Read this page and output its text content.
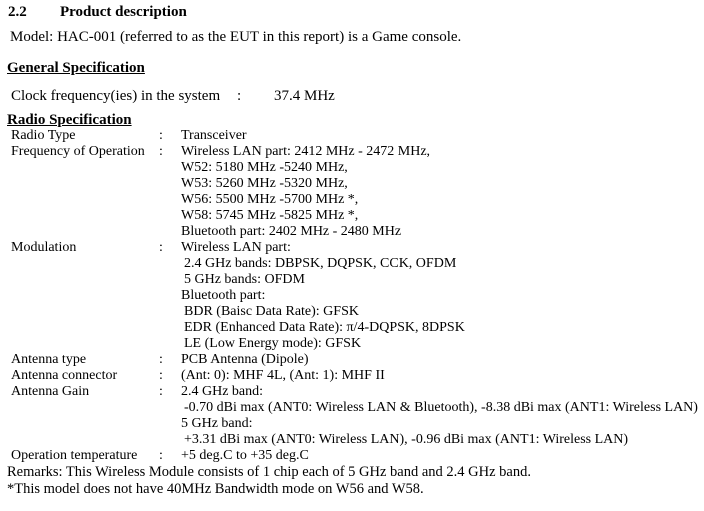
2.2 Product description
Model: HAC-001 (referred to as the EUT in this report) is a Game console.
General Specification
Clock frequency(ies) in the system : 37.4 MHz
Radio Specification
Radio Type	: Transceiver
Frequency of Operation : Wireless LAN part: 2412 MHz - 2472 MHz,
W52: 5180 MHz -5240 MHz,
W53: 5260 MHz -5320 MHz,
W56: 5500 MHz -5700 MHz *,
W58: 5745 MHz -5825 MHz *,
Bluetooth part: 2402 MHz - 2480 MHz
Modulation	: Wireless LAN part:
2.4 GHz bands: DBPSK, DQPSK, CCK, OFDM
5 GHz bands: OFDM
Bluetooth part:
BDR (Baisc Data Rate): GFSK
EDR (Enhanced Data Rate): π/4-DQPSK, 8DPSK
LE (Low Energy mode): GFSK
Antenna type	: PCB Antenna (Dipole)
Antenna connector	: (Ant: 0): MHF 4L, (Ant: 1): MHF II
Antenna Gain	: 2.4 GHz band:
-0.70 dBi max (ANT0: Wireless LAN & Bluetooth), -8.38 dBi max (ANT1: Wireless LAN)
5 GHz band:
+3.31 dBi max (ANT0: Wireless LAN), -0.96 dBi max (ANT1: Wireless LAN)
Operation temperature : +5 deg.C to +35 deg.C
Remarks: This Wireless Module consists of 1 chip each of 5 GHz band and 2.4 GHz band.
*This model does not have 40MHz Bandwidth mode on W56 and W58.
